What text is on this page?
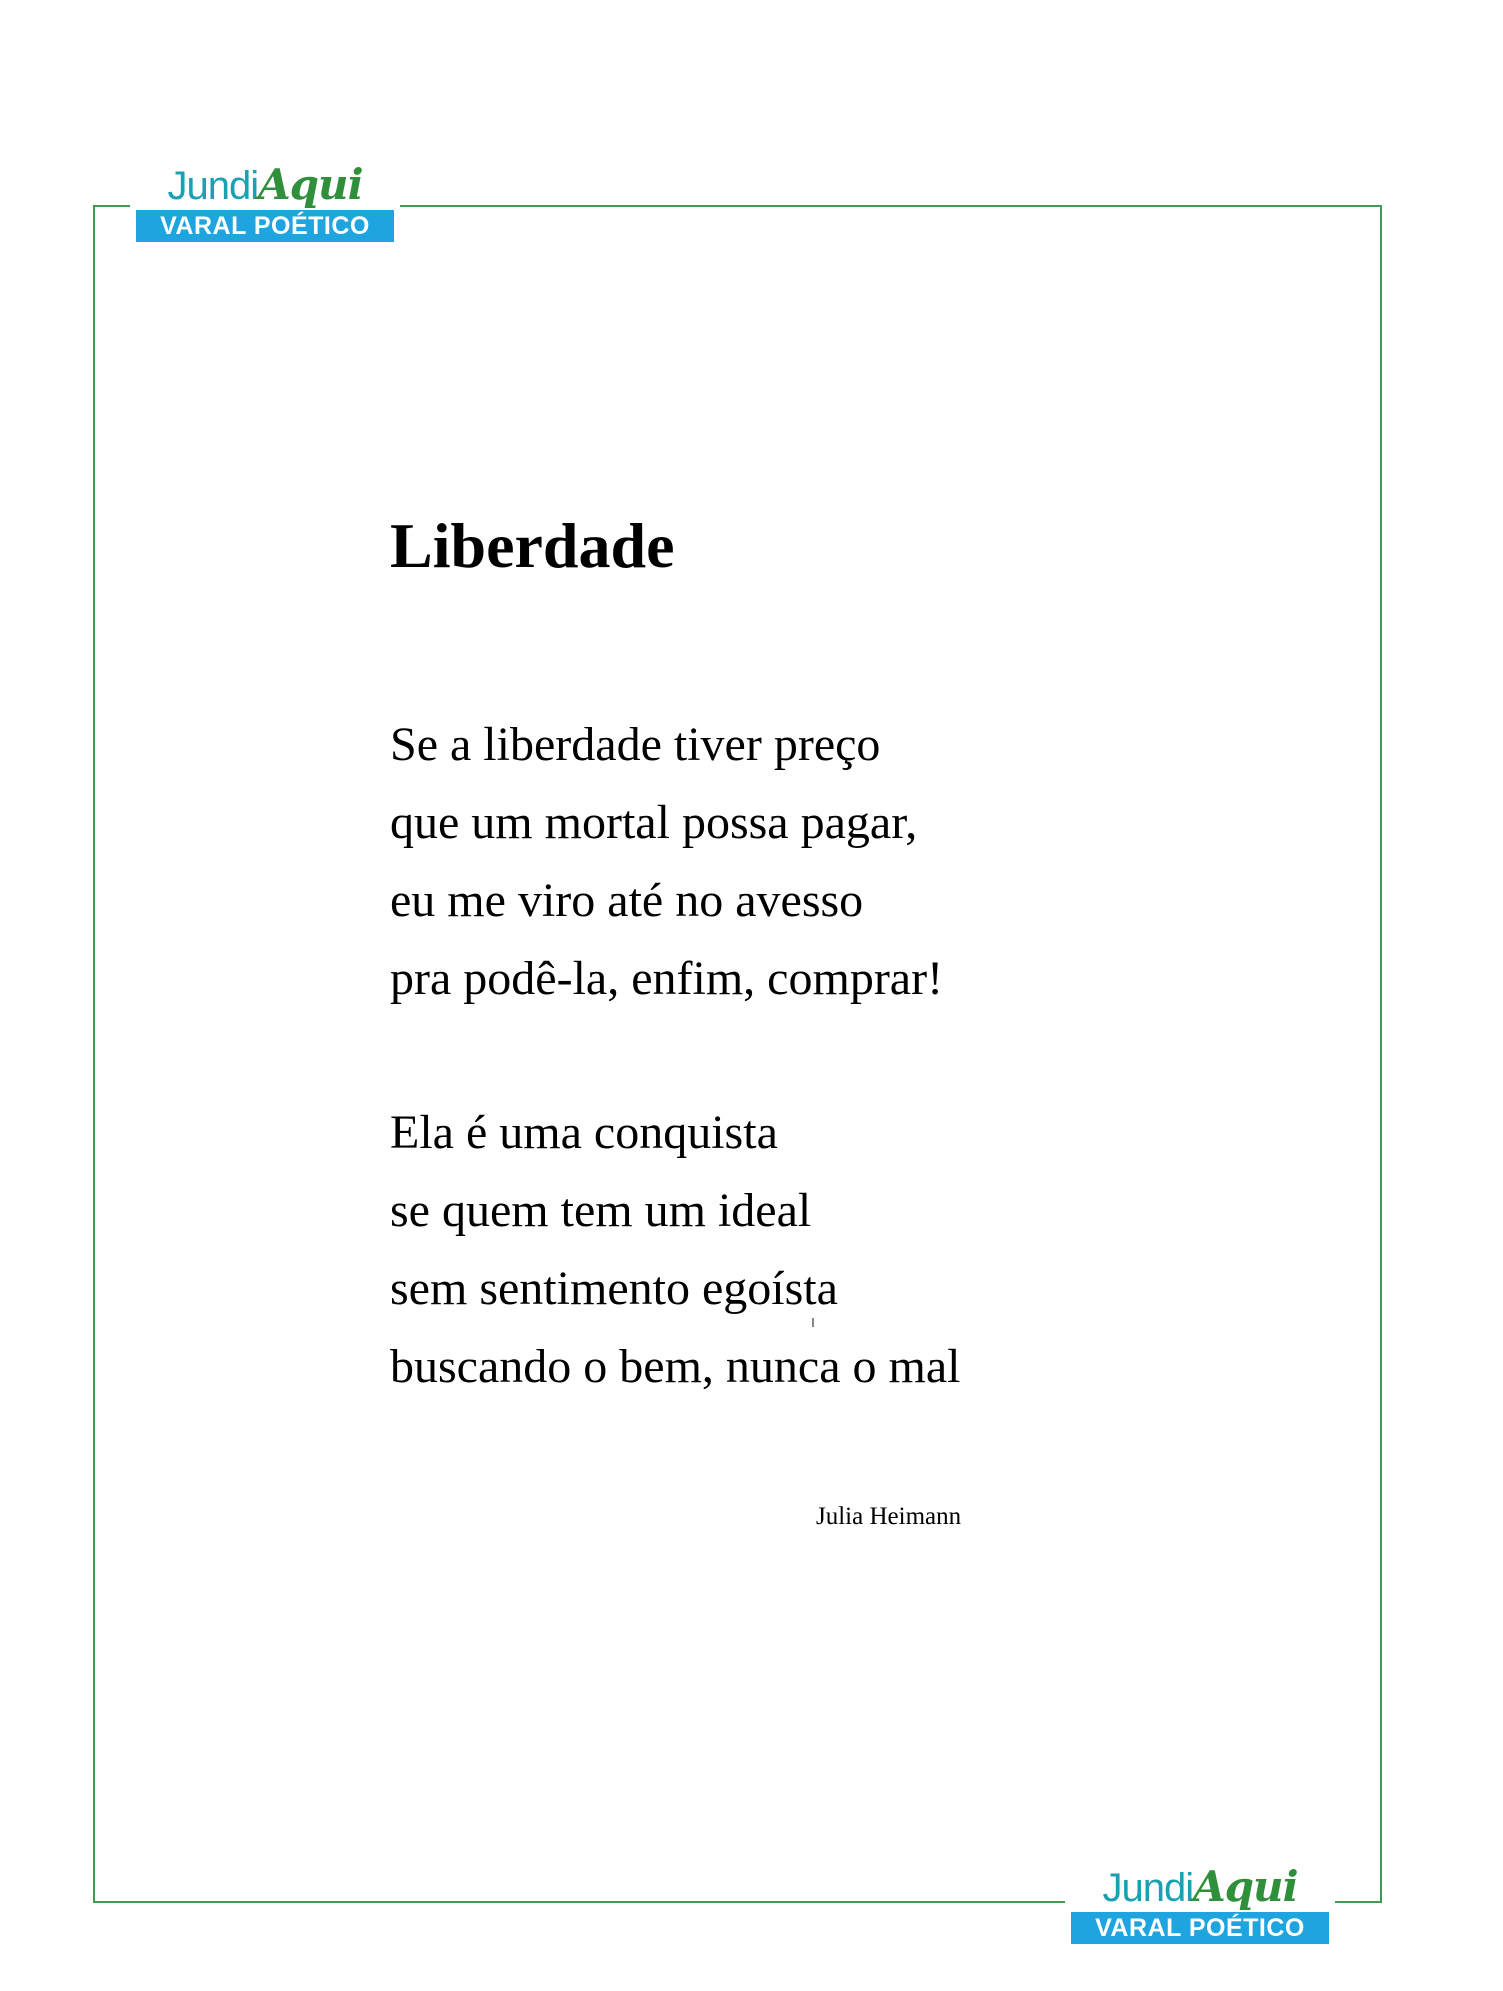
JundiAqui
VARAL POÉTICO
Liberdade
Se a liberdade tiver preço
que um mortal possa pagar,
eu me viro até no avesso
pra podê-la, enfim, comprar!
Ela é uma conquista
se quem tem um ideal
sem sentimento egoísta
buscando o bem, nunca o mal
Julia Heimann
JundiAqui
VARAL POÉTICO
